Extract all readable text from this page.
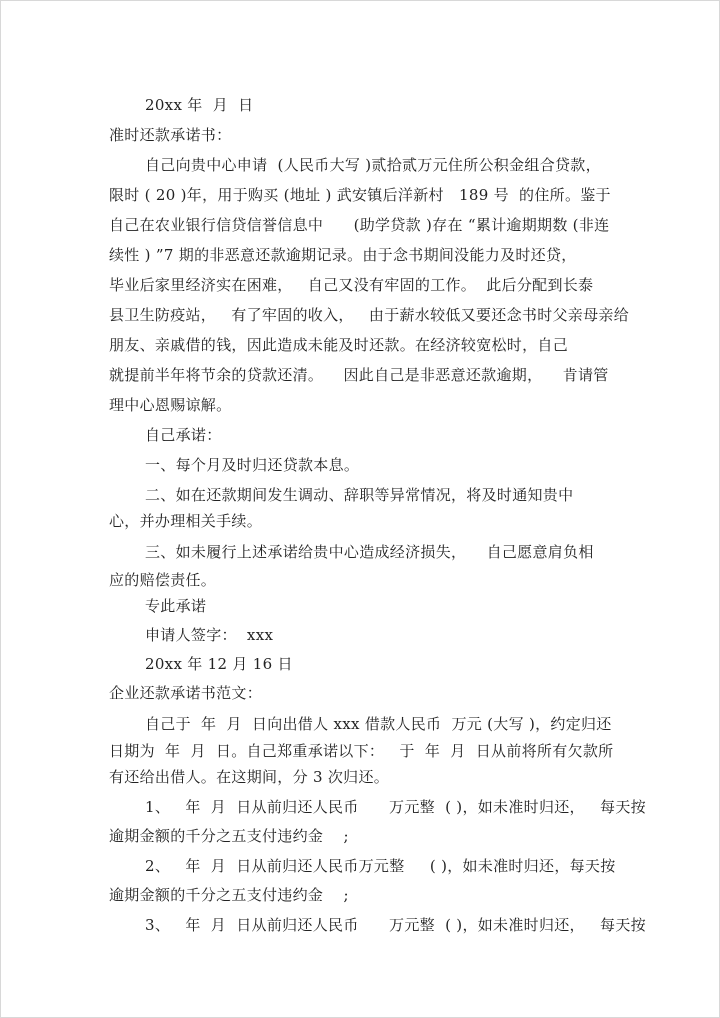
20xx 年  月  日

准时还款承诺书：

自己向贵中心申请  (人民币大写 )贰拾贰万元住所公积金组合贷款，

限时 ( 20 )年，用于购买 (地址 ) 武安镇后洋新村   189 号  的住所。鉴于

自己在农业银行信贷信誉信息中      (助学贷款 )存在 “累计逾期期数 (非连

续性 ) ”7 期的非恶意还款逾期记录。由于念书期间没能力及时还贷，

毕业后家里经济实在困难，   自己又没有牢固的工作。  此后分配到长泰

县卫生防疫站，   有了牢固的收入，   由于薪水较低又要还念书时父亲母亲给

朋友、亲戚借的钱，因此造成未能及时还款。在经济较宽松时，自己

就提前半年将节余的贷款还清。    因此自己是非恶意还款逾期，    肯请管

理中心恩赐谅解。

自己承诺：

一、每个月及时归还贷款本息。

二、如在还款期间发生调动、辞职等异常情况，将及时通知贵中

心，并办理相关手续。

三、如未履行上述承诺给贵中心造成经济损失，    自己愿意肩负相

应的赔偿责任。

专此承诺

申请人签字：  xxx

20xx 年 12 月 16 日

企业还款承诺书范文：

自己于  年  月  日向出借人 xxx 借款人民币  万元 (大写 )，约定归还

日期为  年  月  日。自己郑重承诺以下：   于  年  月  日从前将所有欠款所

有还给出借人。在这期间，分 3 次归还。

1、   年  月  日从前归还人民币      万元整  ( )，如未准时归还，   每天按

逾期金额的千分之五支付违约金    ;

2、   年  月  日从前归还人民币万元整     ( )，如未准时归还，每天按

逾期金额的千分之五支付违约金    ;

3、   年  月  日从前归还人民币      万元整  ( )，如未准时归还，   每天按
